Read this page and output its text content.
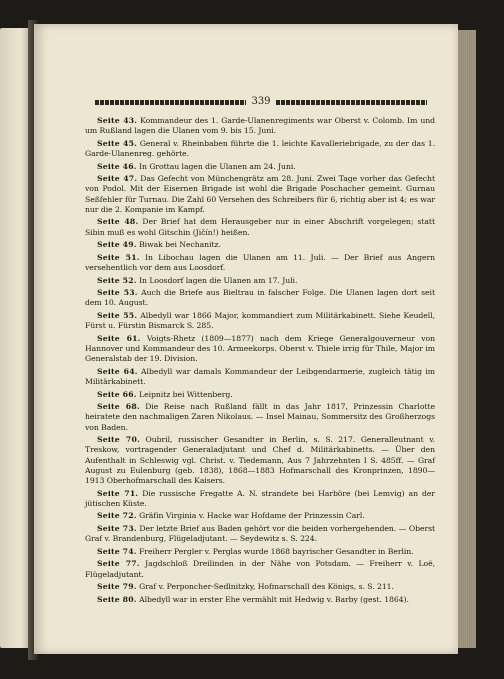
339

Seite 43. Kommandeur des 1. Garde-Ulanenregiments war Oberst v. Colomb. Im und um Rußland lagen die Ulanen vom 9. bis 15. Juni.

Seite 45. General v. Rheinbaben führte die 1. leichte Kavalleriebrigade, zu der das 1. Garde-Ulanenreg. gehörte.

Seite 46. In Grottau lagen die Ulanen am 24. Juni.

Seite 47. Das Gefecht von Münchengrätz am 28. Juni. Zwei Tage vorher das Gefecht von Podol. Mit der Eisernen Brigade ist wohl die Brigade Poschacher gemeint. Gurnau Seßfehler für Turnau. Die Zahl 60 Versehen des Schreibers für 6, richtig aber ist 4; es war nur die 2. Kompanie im Kampf.

Seite 48. Der Brief hat dem Herausgeber nur in einer Abschrift vorgelegen; statt Sibin muß es wohl Gitschin (Jičín!) heißen.

Seite 49. Biwak bei Nechanitz.

Seite 51. In Libochau lagen die Ulanen am 11. Juli. — Der Brief aus Angern versehentlich vor dem aus Loosdorf.

Seite 52. In Loosdorf lagen die Ulanen am 17. Juli.

Seite 53. Auch die Briefe aus Bieltrau in falscher Folge. Die Ulanen lagen dort seit dem 10. August.

Seite 55. Albedyll war 1866 Major, kommandiert zum Militärkabinett. Siehe Keudell, Fürst u. Fürstin Bismarck S. 285.

Seite 61. Voigts-Rhetz (1809—1877) nach dem Kriege Generalgouverneur von Hannover und Kommandeur des 10. Armeekorps. Oberst v. Thiele irrig für Thile, Major im Generalstab der 19. Division.

Seite 64. Albedyll war damals Kommandeur der Leibgendarmerie, zugleich tätig im Militärkabinett.

Seite 66. Leipnitz bei Wittenberg.

Seite 68. Die Reise nach Rußland fällt in das Jahr 1817, Prinzessin Charlotte heiratete den nachmaligen Zaren Nikolaus. — Insel Mainau, Sommersitz des Großherzogs von Baden.

Seite 70. Oubril, russischer Gesandter in Berlin, s. S. 217. Generalleutnant v. Treskow, vortragender Generaladjutant und Chef d. Militärkabinetts. — Über den Aufenthalt in Schleswig vgl. Christ. v. Tiedemann, Aus 7 Jahrzehnten I S. 485ff. — Graf August zu Eulenburg (geb. 1838), 1868—1883 Hofmarschall des Kronprinzen, 1890—1913 Oberhofmarschall des Kaisers.

Seite 71. Die russische Fregatte A. N. strandete bei Harböre (bei Lemvig) an der jütischen Küste.

Seite 72. Gräfin Virginia v. Hacke war Hofdame der Prinzessin Carl.

Seite 73. Der letzte Brief aus Baden gehört vor die beiden vorhergehenden. — Oberst Graf v. Brandenburg, Flügeladjutant. — Seydewitz s. S. 224.

Seite 74. Freiherr Pergler v. Perglas wurde 1868 bayrischer Gesandter in Berlin.

Seite 77. Jagdschloß Dreilinden in der Nähe von Potsdam. — Freiherr v. Loë, Flügeladjutant.

Seite 79. Graf v. Perponcher-Sedlnitzky, Hofmarschall des Königs, s. S. 211.

Seite 80. Albedyll war in erster Ehe vermählt mit Hedwig v. Barby (gest. 1864).
